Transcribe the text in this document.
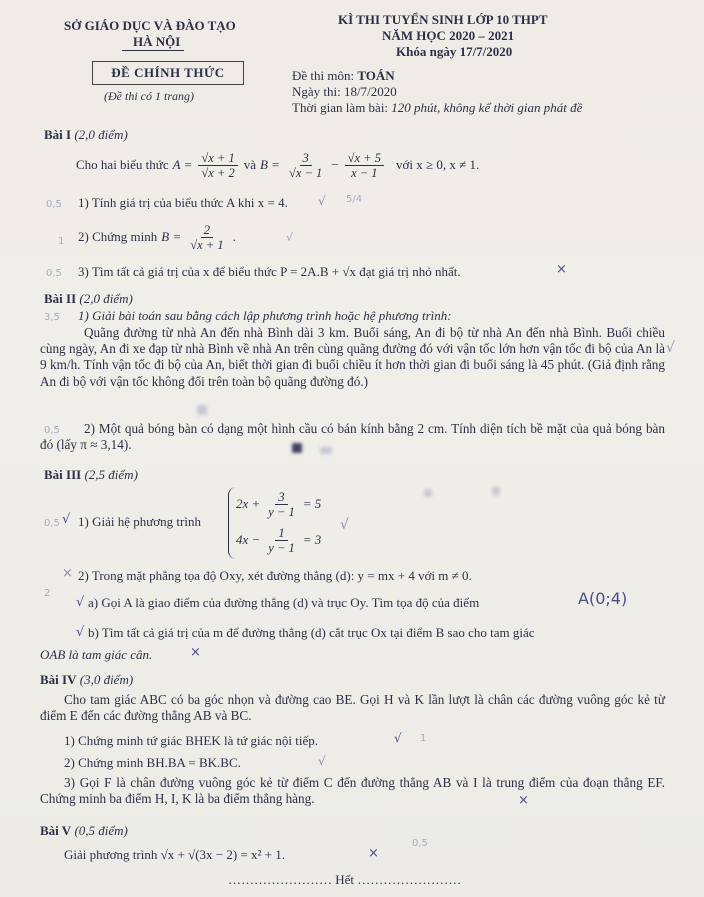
SỞ GIÁO DỤC VÀ ĐÀO TẠO
HÀ NỘI
ĐỀ CHÍNH THỨC
(Đề thi có 1 trang)
KÌ THI TUYỂN SINH LỚP 10 THPT
NĂM HỌC 2020 – 2021
Khóa ngày 17/7/2020
Đề thi môn: TOÁN
Ngày thi: 18/7/2020
Thời gian làm bài: 120 phút, không kể thời gian phát đề
Bài I (2,0 điểm)
Cho hai biểu thức $A = \frac{√x + 1}{√x + 2}$ và $B = \frac{3}{√x - 1} - \frac{√x + 5}{x - 1}$ với x ≥ 0, x ≠ 1.
1) Tính giá trị của biểu thức A khi x = 4.
2) Chứng minh $B = \frac{2}{√x + 1}$ .
3) Tìm tất cả giá trị của x để biểu thức P = 2A.B + √x đạt giá trị nhỏ nhất.
Bài II (2,0 điểm)
1) Giải bài toán sau bằng cách lập phương trình hoặc hệ phương trình:
Quãng đường từ nhà An đến nhà Bình dài 3 km. Buổi sáng, An đi bộ từ nhà An đến nhà Bình. Buổi chiều cùng ngày, An đi xe đạp từ nhà Bình về nhà An trên cùng quãng đường đó với vận tốc lớn hơn vận tốc đi bộ của An là 9 km/h. Tính vận tốc đi bộ của An, biết thời gian đi buổi chiều ít hơn thời gian đi buổi sáng là 45 phút. (Giả định rằng An đi bộ với vận tốc không đổi trên toàn bộ quãng đường đó.)
2) Một quả bóng bàn có dạng một hình cầu có bán kính bằng 2 cm. Tính diện tích bề mặt của quả bóng bàn đó (lấy π ≈ 3,14).
Bài III (2,5 điểm)
1) Giải hệ phương trình
$2x + \frac{3}{y - 1} = 5$
$4x - \frac{1}{y - 1} = 3$
2) Trong mặt phẳng tọa độ Oxy, xét đường thẳng (d): y = mx + 4 với m ≠ 0.
a) Gọi A là giao điểm của đường thẳng (d) và trục Oy. Tìm tọa độ của điểm
b) Tìm tất cả giá trị của m để đường thẳng (d) cắt trục Ox tại điểm B sao cho tam giác
OAB là tam giác cân.
Bài IV (3,0 điểm)
Cho tam giác ABC có ba góc nhọn và đường cao BE. Gọi H và K lần lượt là chân các đường vuông góc kẻ từ điểm E đến các đường thẳng AB và BC.
1) Chứng minh tứ giác BHEK là tứ giác nội tiếp.
2) Chứng minh BH.BA = BK.BC.
3) Gọi F là chân đường vuông góc kẻ từ điểm C đến đường thẳng AB và I là trung điểm của đoạn thẳng EF. Chứng minh ba điểm H, I, K là ba điểm thẳng hàng.
Bài V (0,5 điểm)
Giải phương trình √x + √(3x − 2) = x² + 1.
…………………… Hết ……………………
0,5	√ 5/4
1	√
0,5	×
3,5
√
0,5
0,5 √	√
2
×
√	A(0;4)
√
×
√ 1
√
×
×
0,5
